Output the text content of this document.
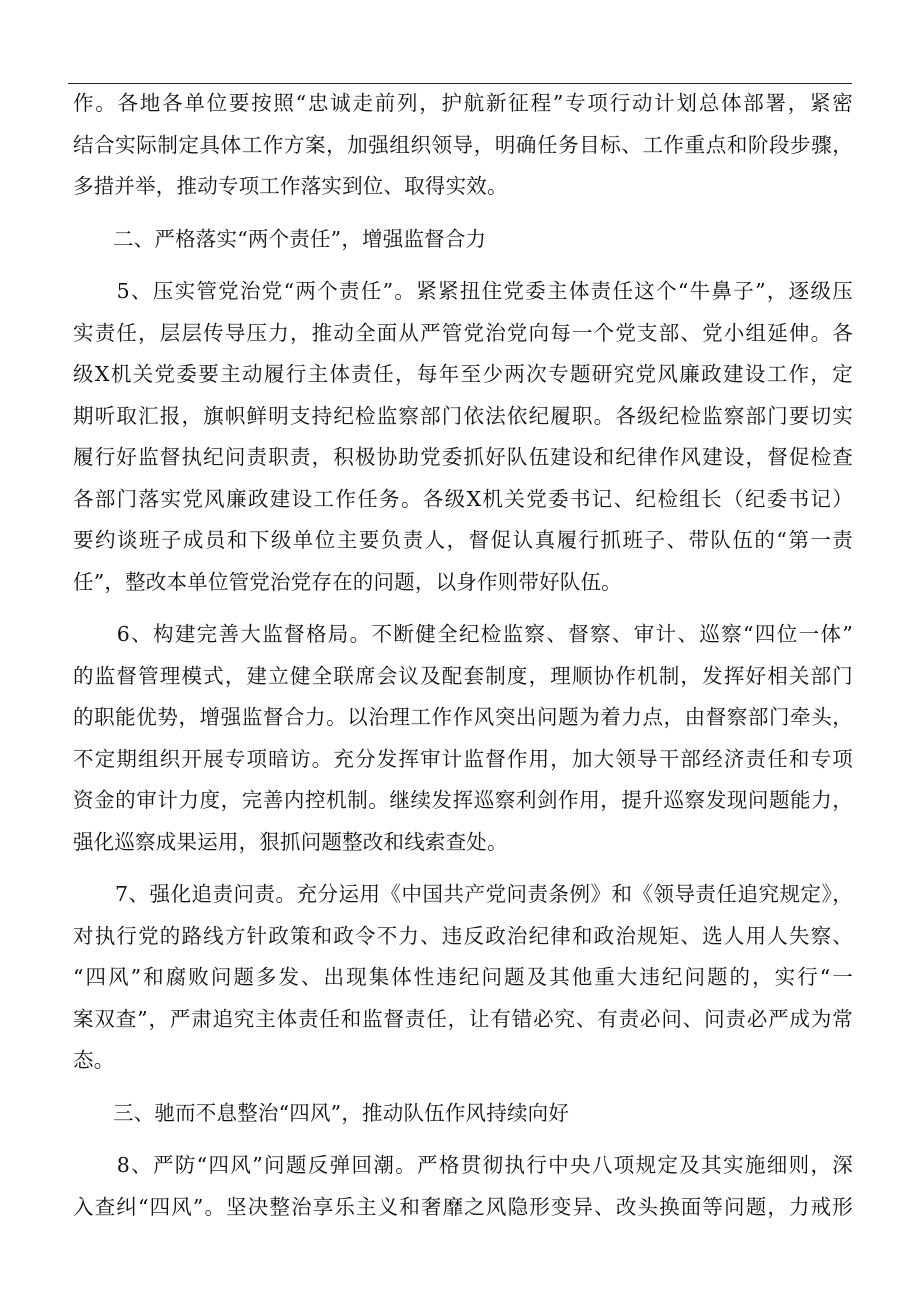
作。各地各单位要按照“忠诚走前列，护航新征程”专项行动计划总体部署，紧密
结合实际制定具体工作方案，加强组织领导，明确任务目标、工作重点和阶段步骤，
多措并举，推动专项工作落实到位、取得实效。
二、严格落实“两个责任”，增强监督合力
　　5、压实管党治党“两个责任”。紧紧扭住党委主体责任这个“牛鼻子”，逐级压
实责任，层层传导压力，推动全面从严管党治党向每一个党支部、党小组延伸。各
级X机关党委要主动履行主体责任，每年至少两次专题研究党风廉政建设工作，定
期听取汇报，旗帜鲜明支持纪检监察部门依法依纪履职。各级纪检监察部门要切实
履行好监督执纪问责职责，积极协助党委抓好队伍建设和纪律作风建设，督促检查
各部门落实党风廉政建设工作任务。各级X机关党委书记、纪检组长（纪委书记）
要约谈班子成员和下级单位主要负责人，督促认真履行抓班子、带队伍的“第一责
任”，整改本单位管党治党存在的问题，以身作则带好队伍。
　　6、构建完善大监督格局。不断健全纪检监察、督察、审计、巡察“四位一体”
的监督管理模式，建立健全联席会议及配套制度，理顺协作机制，发挥好相关部门
的职能优势，增强监督合力。以治理工作作风突出问题为着力点，由督察部门牵头，
不定期组织开展专项暗访。充分发挥审计监督作用，加大领导干部经济责任和专项
资金的审计力度，完善内控机制。继续发挥巡察利剑作用，提升巡察发现问题能力，
强化巡察成果运用，狠抓问题整改和线索查处。
　　7、强化追责问责。充分运用《中国共产党问责条例》和《领导责任追究规定》，
对执行党的路线方针政策和政令不力、违反政治纪律和政治规矩、选人用人失察、
“四风”和腐败问题多发、出现集体性违纪问题及其他重大违纪问题的，实行“一
案双查”，严肃追究主体责任和监督责任，让有错必究、有责必问、问责必严成为常
态。
三、驰而不息整治“四风”，推动队伍作风持续向好
　　8、严防“四风”问题反弹回潮。严格贯彻执行中央八项规定及其实施细则，深
入查纠“四风”。坚决整治享乐主义和奢靡之风隐形变异、改头换面等问题，力戒形
